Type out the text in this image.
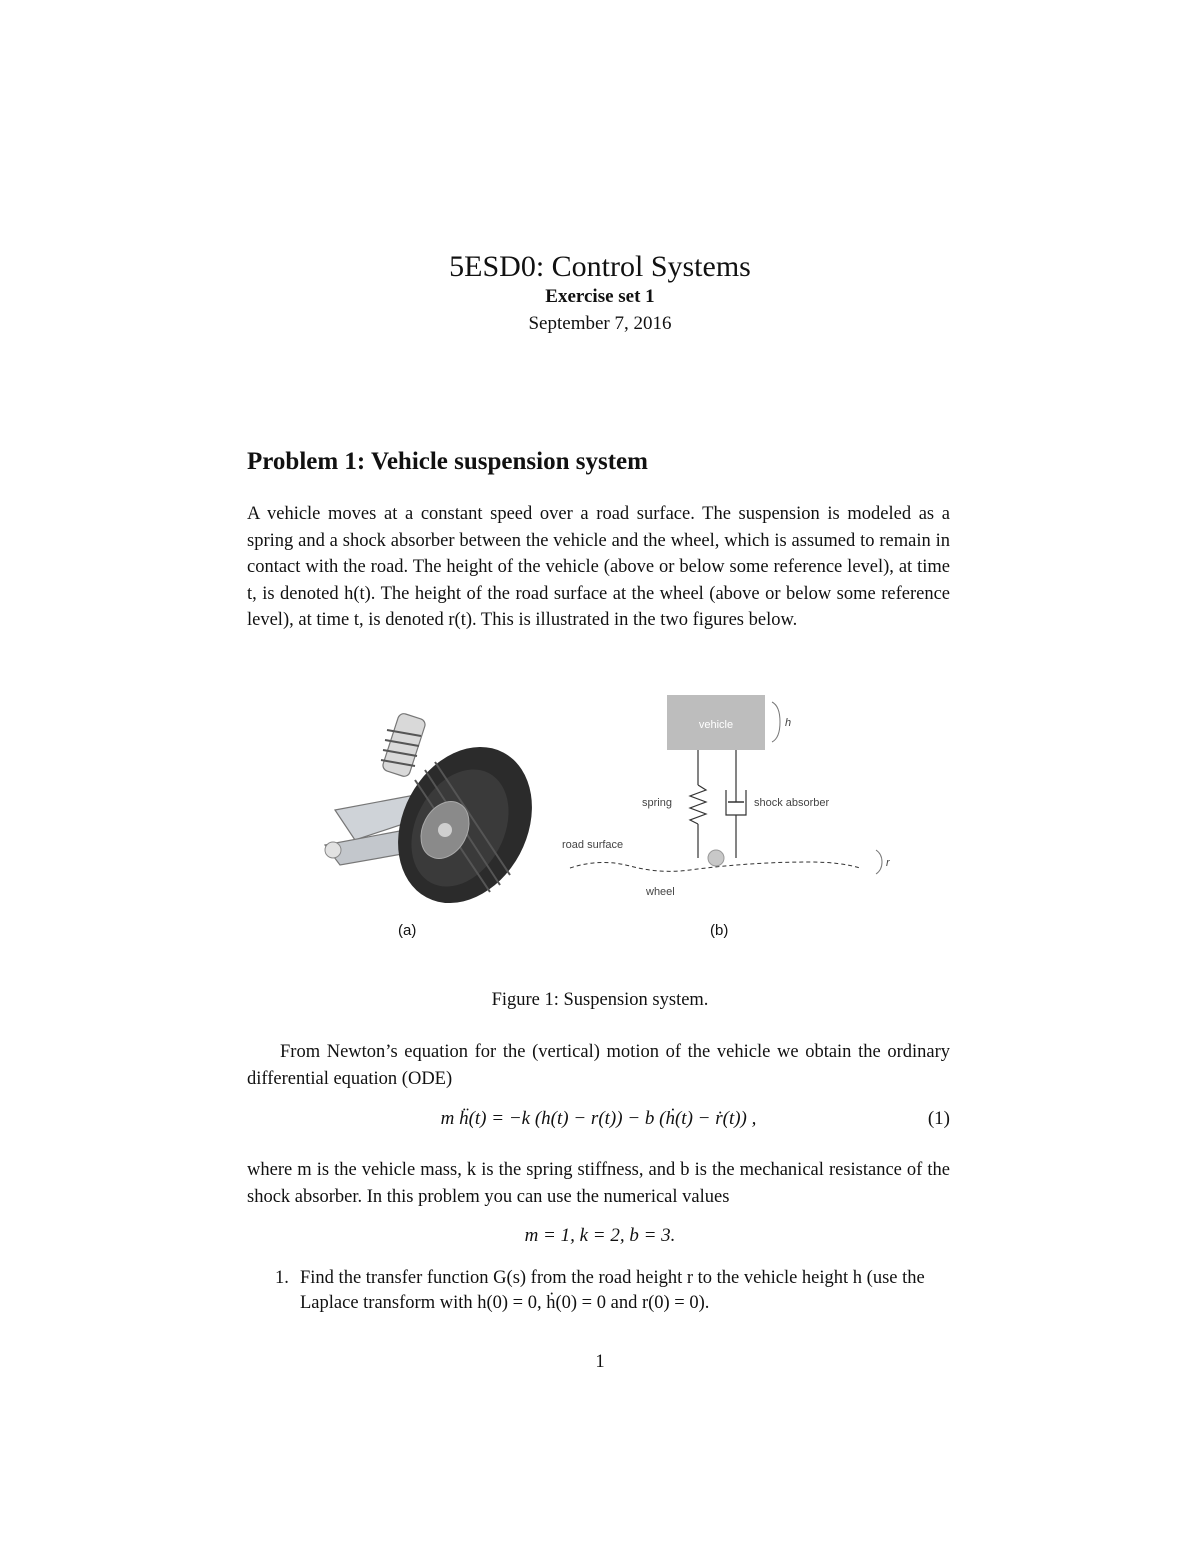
5ESD0: Control Systems
Exercise set 1
September 7, 2016
Problem 1: Vehicle suspension system
A vehicle moves at a constant speed over a road surface. The suspension is modeled as a spring and a shock absorber between the vehicle and the wheel, which is assumed to remain in contact with the road. The height of the vehicle (above or below some reference level), at time t, is denoted h(t). The height of the road surface at the wheel (above or below some reference level), at time t, is denoted r(t). This is illustrated in the two figures below.
vehicle	h
spring	shock absorber
road surface
wheel
r
(a)	(b)
Figure 1: Suspension system.
From Newton’s equation for the (vertical) motion of the vehicle we obtain the ordinary differential equation (ODE)
m ḧ(t) = −k (h(t) − r(t)) − b (ḣ(t) − ṙ(t)) ,	(1)
where m is the vehicle mass, k is the spring stiffness, and b is the mechanical resistance of the shock absorber. In this problem you can use the numerical values
m = 1, k = 2, b = 3.
1. Find the transfer function G(s) from the road height r to the vehicle height h (use the Laplace transform with h(0) = 0, ḣ(0) = 0 and r(0) = 0).
1
